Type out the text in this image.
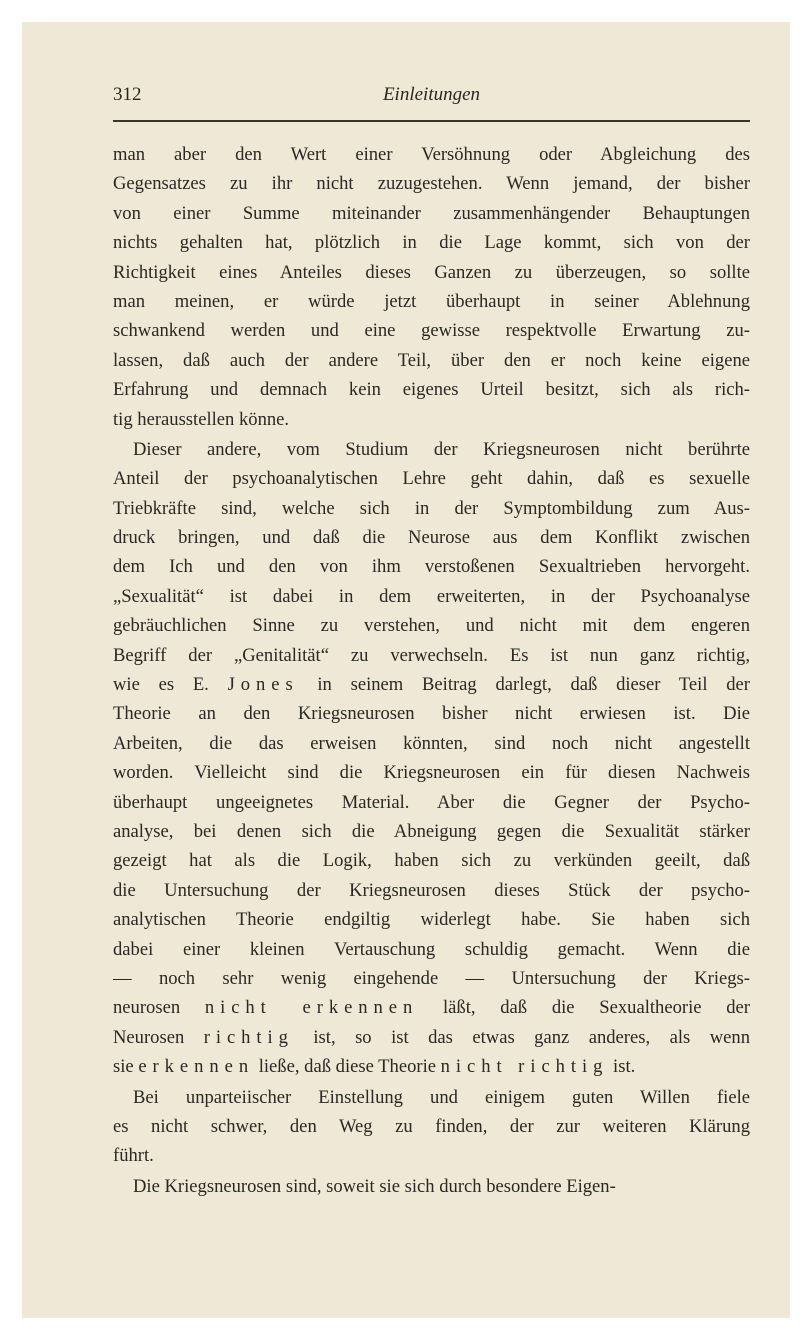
312	Einleitungen
man aber den Wert einer Versöhnung oder Abgleichung des
Gegensatzes zu ihr nicht zuzugestehen. Wenn jemand, der bisher
von einer Summe miteinander zusammenhängender Behauptungen
nichts gehalten hat, plötzlich in die Lage kommt, sich von der
Richtigkeit eines Anteiles dieses Ganzen zu überzeugen, so sollte
man meinen, er würde jetzt überhaupt in seiner Ablehnung
schwankend werden und eine gewisse respektvolle Erwartung zu-
lassen, daß auch der andere Teil, über den er noch keine eigene
Erfahrung und demnach kein eigenes Urteil besitzt, sich als rich-
tig herausstellen könne.
Dieser andere, vom Studium der Kriegsneurosen nicht berührte
Anteil der psychoanalytischen Lehre geht dahin, daß es sexuelle
Triebkräfte sind, welche sich in der Symptombildung zum Aus-
druck bringen, und daß die Neurose aus dem Konflikt zwischen
dem Ich und den von ihm verstoßenen Sexualtrieben hervorgeht.
„Sexualität“ ist dabei in dem erweiterten, in der Psychoanalyse
gebräuchlichen Sinne zu verstehen, und nicht mit dem engeren
Begriff der „Genitalität“ zu verwechseln. Es ist nun ganz richtig,
wie es E. Jones in seinem Beitrag darlegt, daß dieser Teil der
Theorie an den Kriegsneurosen bisher nicht erwiesen ist. Die
Arbeiten, die das erweisen könnten, sind noch nicht angestellt
worden. Vielleicht sind die Kriegsneurosen ein für diesen Nachweis
überhaupt ungeeignetes Material. Aber die Gegner der Psycho-
analyse, bei denen sich die Abneigung gegen die Sexualität stärker
gezeigt hat als die Logik, haben sich zu verkünden geeilt, daß
die Untersuchung der Kriegsneurosen dieses Stück der psycho-
analytischen Theorie endgiltig widerlegt habe. Sie haben sich
dabei einer kleinen Vertauschung schuldig gemacht. Wenn die
— noch sehr wenig eingehende — Untersuchung der Kriegs-
neurosen nicht erkennen läßt, daß die Sexualtheorie der
Neurosen richtig ist, so ist das etwas ganz anderes, als wenn
sie erkennen ließe, daß diese Theorie nicht richtig ist.
Bei unparteiischer Einstellung und einigem guten Willen fiele
es nicht schwer, den Weg zu finden, der zur weiteren Klärung
führt.
Die Kriegsneurosen sind, soweit sie sich durch besondere Eigen-
